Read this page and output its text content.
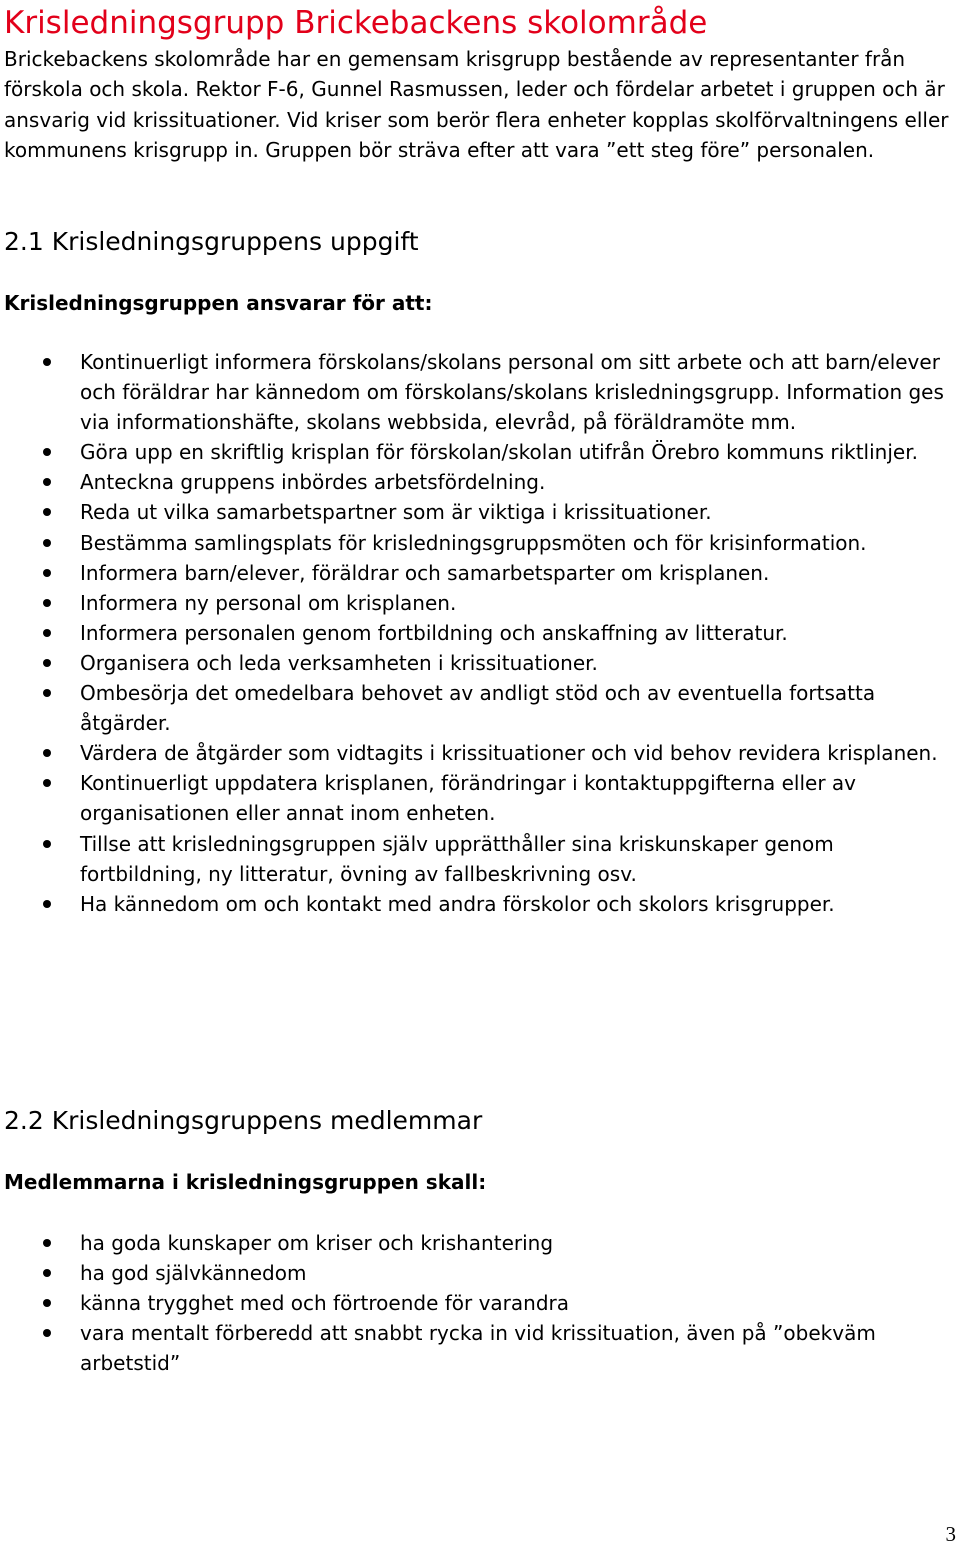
Krisledningsgrupp Brickebackens skolområde

Brickebackens skolområde har en gemensam krisgrupp bestående av representanter från förskola och skola. Rektor F-6, Gunnel Rasmussen, leder och fördelar arbetet i gruppen och är ansvarig vid krissituationer. Vid kriser som berör flera enheter kopplas skolförvaltningens eller kommunens krisgrupp in. Gruppen bör sträva efter att vara ”ett steg före” personalen.

2.1 Krisledningsgruppens uppgift

Krisledningsgruppen ansvarar för att:

Kontinuerligt informera förskolans/skolans personal om sitt arbete och att barn/elever och föräldrar har kännedom om förskolans/skolans krisledningsgrupp. Information ges via informationshäfte, skolans webbsida, elevråd, på föräldramöte mm.
Göra upp en skriftlig krisplan för förskolan/skolan utifrån Örebro kommuns riktlinjer.
Anteckna gruppens inbördes arbetsfördelning.
Reda ut vilka samarbetspartner som är viktiga i krissituationer.
Bestämma samlingsplats för krisledningsgruppsmöten och för krisinformation.
Informera barn/elever, föräldrar och samarbetsparter om krisplanen.
Informera ny personal om krisplanen.
Informera personalen genom fortbildning och anskaffning av litteratur.
Organisera och leda verksamheten i krissituationer.
Ombesörja det omedelbara behovet av andligt stöd och av eventuella fortsatta åtgärder.
Värdera de åtgärder som vidtagits i krissituationer och vid behov revidera krisplanen.
Kontinuerligt uppdatera krisplanen, förändringar i kontaktuppgifterna eller av organisationen eller annat inom enheten.
Tillse att krisledningsgruppen själv upprätthåller sina kriskunskaper genom fortbildning, ny litteratur, övning av fallbeskrivning osv.
Ha kännedom om och kontakt med andra förskolor och skolors krisgrupper.
2.2 Krisledningsgruppens medlemmar

Medlemmarna i krisledningsgruppen skall:

ha goda kunskaper om kriser och krishantering
ha god självkännedom
känna trygghet med och förtroende för varandra
vara mentalt förberedd att snabbt rycka in vid krissituation, även på ”obekväm arbetstid”
3
